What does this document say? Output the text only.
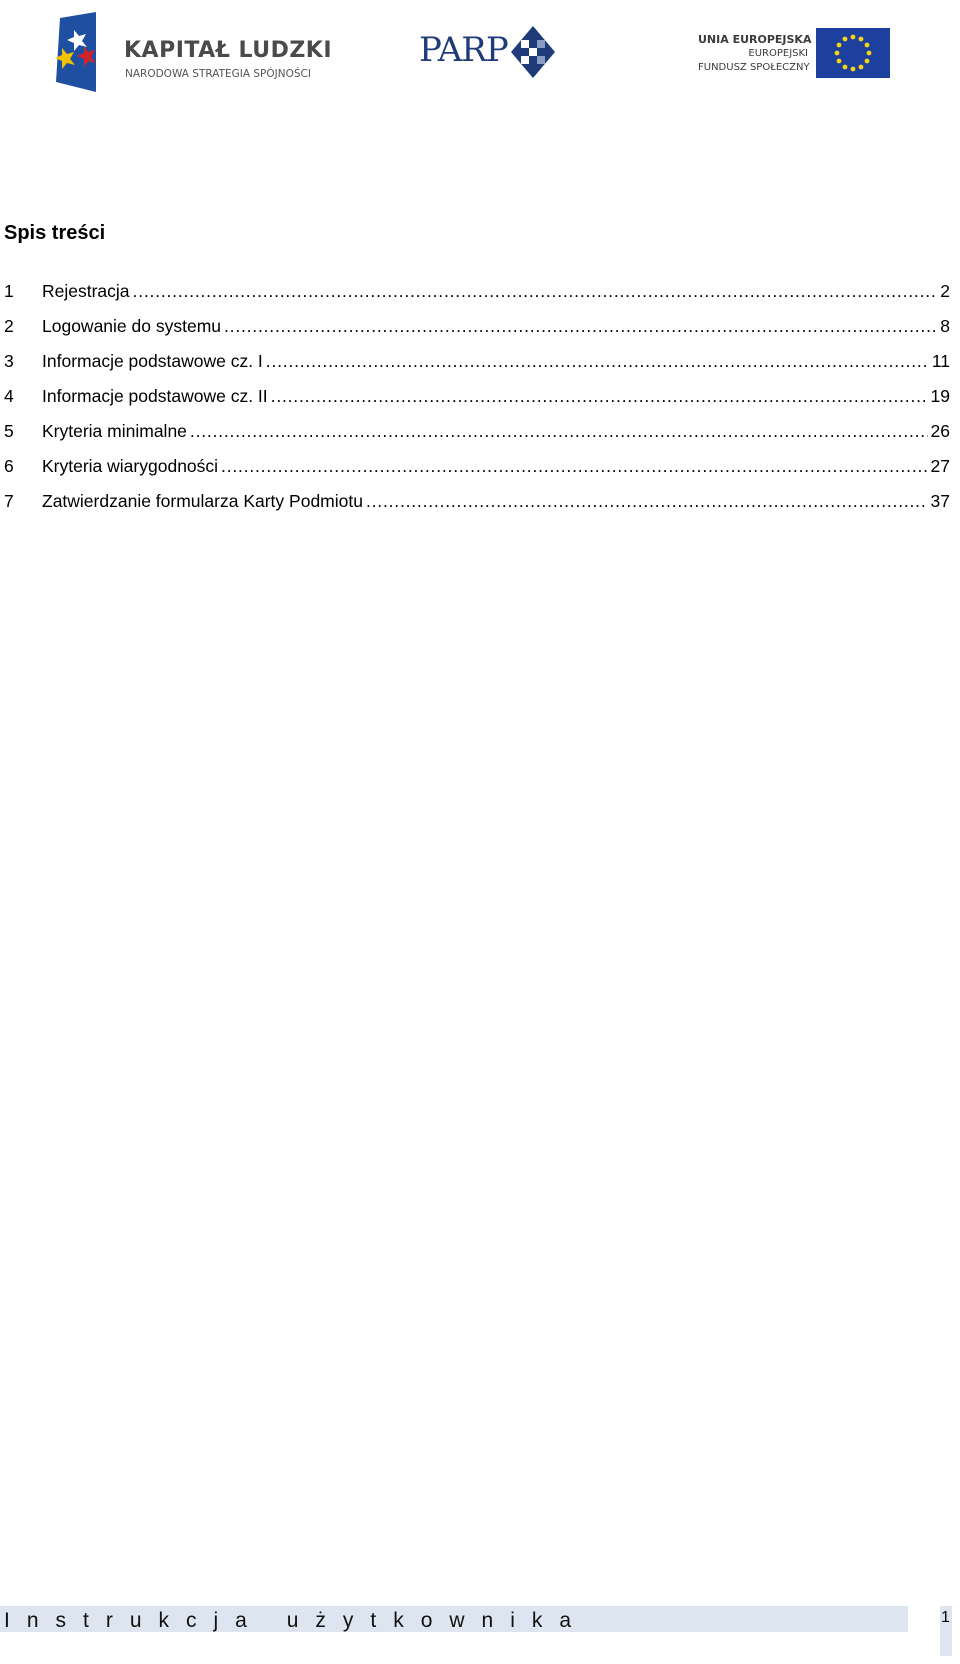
KAPITAŁ LUDZKI
NARODOWA STRATEGIA SPÓJNOŚCI
PARP	UNIA EUROPEJSKA
EUROPEJSKI
FUNDUSZ SPOŁECZNY
Spis treści
1	Rejestracja .....	2
2	Logowanie do systemu .....	8
3	Informacje podstawowe cz. I .....	11
4	Informacje podstawowe cz. II .....	19
5	Kryteria minimalne .....	26
6	Kryteria wiarygodności .....	27
7	Zatwierdzanie formularza Karty Podmiotu .....	37
Instrukcja użytkownika	1
